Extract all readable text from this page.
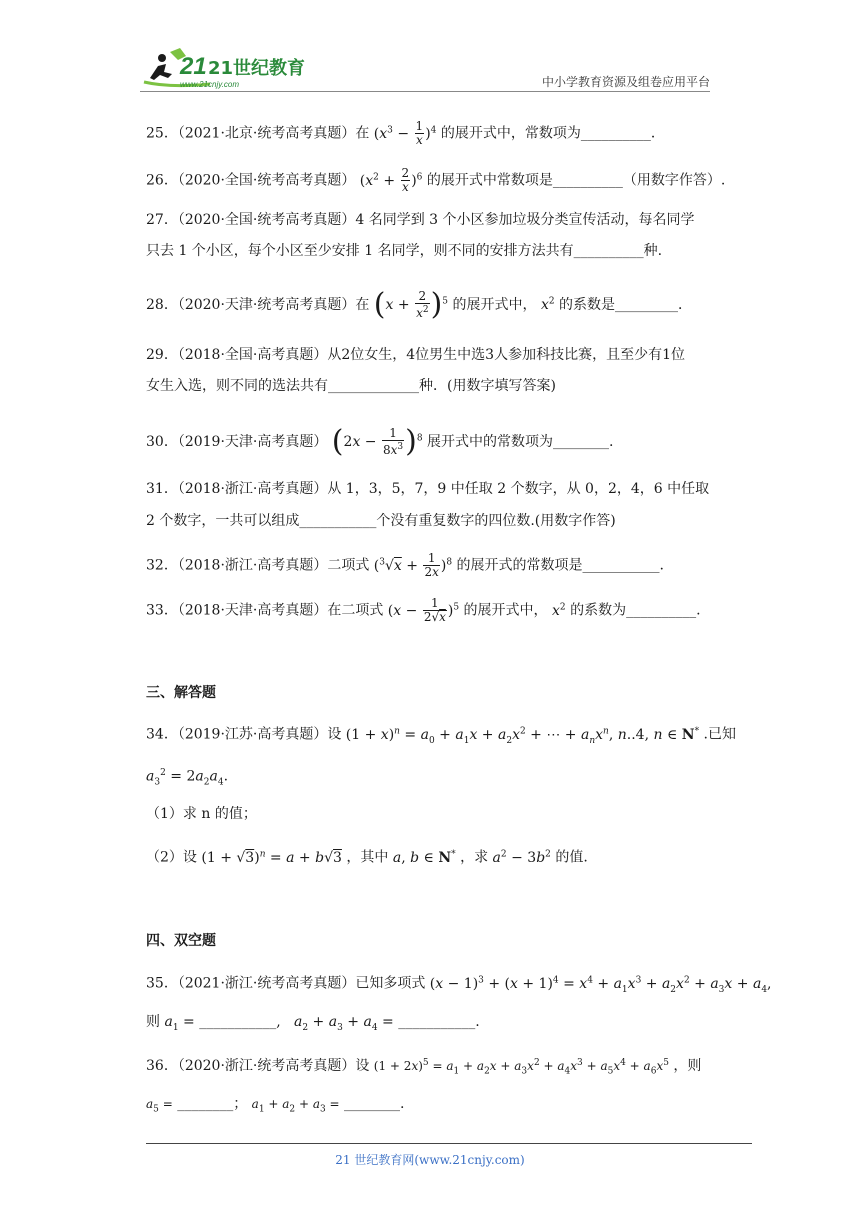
21 21世纪教育
www.21cnjy.com	中小学教育资源及组卷应用平台
25．（2021·北京·统考高考真题）在 $(x^3 - \frac{1}{x} )^4$ 的展开式中，常数项为__________．
26．（2020·全国·统考高考真题） $(x^2 + \frac{2}{x} )^6$ 的展开式中常数项是__________（用数字作答）.
27．（2020·全国·统考高考真题）4 名同学到 3 个小区参加垃圾分类宣传活动，每名同学
只去 1 个小区，每个小区至少安排 1 名同学，则不同的安排方法共有__________种.
28．（2020·天津·统考高考真题）在 $(x + \frac{2}{x^2} )^5$ 的展开式中， $x^2$ 的系数是_________．
29．（2018·全国·高考真题）从2位女生，4位男生中选3人参加科技比赛，且至少有1位
女生入选，则不同的选法共有_____________种．(用数字填写答案)
30．（2019·天津·高考真题） $(2x - \frac{1}{8x^3} )^8$ 展开式中的常数项为________.
31．（2018·浙江·高考真题）从 1，3，5，7，9 中任取 2 个数字，从 0，2，4，6 中任取
2 个数字，一共可以组成___________个没有重复数字的四位数.(用数字作答)
32．（2018·浙江·高考真题）二项式 $(^3√x + \frac{1}{2x} )^8$ 的展开式的常数项是___________.
33．（2018·天津·高考真题）在二项式 $(x - \frac{1}{2√x} )^5$ 的展开式中， $x^2$ 的系数为__________.
三、解答题
34．（2019·江苏·高考真题）设 $(1 + x)^n = a_0 + a_1x + a_2x^2$ + ⋯ + $a_nx^n$, n..4, n ∈ N* .已知
$a_3^2 = 2a_2a_4$.
（1）求 n 的值；
（2）设 $(1 + √3)^n = a + b√3$ ，其中 a, b ∈ N* ，求 $a^2 - 3b^2$ 的值.
四、双空题
35．（2021·浙江·统考高考真题）已知多项式 $(x - 1)^3 + (x + 1)^4 = x^4 + a_1x^3 + a_2x^2 + a_3x + a_4$,
则 $a_1$ = ___________,   $a_2 + a_3 + a_4$ = ___________.
36．（2020·浙江·统考高考真题）设 $(1 + 2x)^5 = a_1 + a_2x + a_3x^2 + a_4x^3 + a_5x^4 + a_6x^5$ ，则
$a_5$ = ________； $a_1 + a_2 + a_3$ = ________.
21 世纪教育网(www.21cnjy.com)
